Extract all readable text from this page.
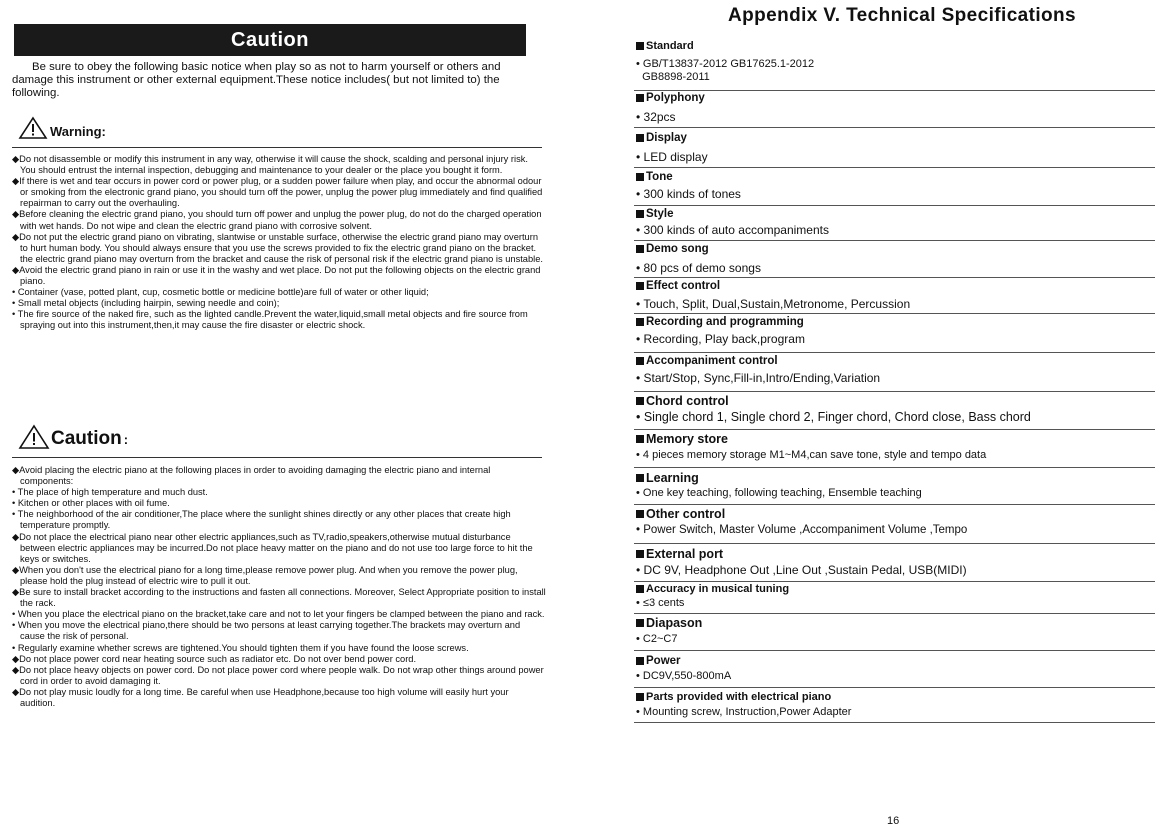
Caution

Be sure to obey the following basic notice when play so as not to harm yourself or others and damage this instrument or other external equipment.These notice includes( but not limited to) the following.

Warning:
◆Do not disassemble or modify this instrument in any way, otherwise it will cause the shock, scalding and personal injury risk. You should entrust the internal inspection, debugging and maintenance to your dealer or the place you bought it form.
◆If there is wet and tear occurs in power cord or power plug, or a sudden power failure when play, and occur the abnormal odour or smoking from the electronic grand piano, you should turn off the power, unplug the power plug immediately and find qualified repairman to carry out the overhauling.
◆Before cleaning the electric grand piano, you should turn off power and unplug the power plug, do not do the charged operation with wet hands. Do not wipe and clean the electric grand piano with corrosive solvent.
◆Do not put the electric grand piano on vibrating, slantwise or unstable surface, otherwise the electric grand piano may overturn to hurt human body. You should always ensure that you use the screws provided to fix the electric grand piano on the bracket. the electric grand piano may overturn from the bracket and cause the risk of personal risk if the electric grand piano is unstable.
◆Avoid the electric grand piano in rain or use it in the washy and wet place. Do not put the following objects on the electric grand piano.
• Container (vase, potted plant, cup, cosmetic bottle or medicine bottle)are full of water or other liquid;
• Small metal objects (including hairpin, sewing needle and coin);
• The fire source of the naked fire, such as the lighted candle.Prevent the water,liquid,small metal objects and fire source from spraying out into this instrument,then,it may cause the fire disaster or electric shock.
Caution :
◆Avoid placing the electric piano at the following places in order to avoiding damaging the electric piano and internal components:
• The place of high temperature and much dust.
• Kitchen or other places with oil fume.
• The neighborhood of the air conditioner,The place where the sunlight shines directly or any other places that create high temperature promptly.
◆Do not place the electrical piano near other electric appliances,such as TV,radio,speakers,otherwise mutual disturbance between electric appliances may be incurred.Do not place heavy matter on the piano and do not use too large force to hit the keys or switches.
◆When you don't use the electrical piano for a long time,please remove power plug. And when you remove the power plug, please hold the plug instead of electric wire to pull it out.
◆Be sure to install bracket according to the instructions and fasten all connections. Moreover, Select Appropriate position to install the rack.
• When you place the electrical piano on the bracket,take care and not to let your fingers be clamped between the piano and rack.
• When you move the electrical piano,there should be two persons at least carrying together.The brackets may overturn and cause the risk of personal.
• Regularly examine whether screws are tightened.You should tighten them if you have found the loose screws.
◆Do not place power cord near heating source such as radiator etc. Do not over bend power cord.
◆Do not place heavy objects on power cord. Do not place power cord where people walk. Do not wrap other things around power cord in order to avoid damaging it.
◆Do not play music loudly for a long time. Be careful when use Headphone,because too high volume will easily hurt your audition.
Appendix V. Technical Specifications
Standard
• GB/T13837-2012 GB17625.1-2012
GB8898-2011
Polyphony
• 32pcs
Display
• LED display
Tone
• 300 kinds of tones
Style
• 300 kinds of auto accompaniments
Demo song
• 80 pcs of demo songs
Effect control
• Touch, Split, Dual,Sustain,Metronome, Percussion
Recording and programming
• Recording, Play back,program
Accompaniment control
• Start/Stop, Sync,Fill-in,Intro/Ending,Variation
Chord control
• Single chord 1, Single chord 2, Finger chord, Chord close, Bass chord
Memory store
• 4 pieces memory storage M1~M4,can save tone, style and tempo data
Learning
• One key teaching, following teaching, Ensemble teaching
Other control
• Power Switch, Master Volume ,Accompaniment Volume ,Tempo
External port
• DC 9V, Headphone Out ,Line Out ,Sustain Pedal, USB(MIDI)
Accuracy in musical tuning
• ≤3 cents
Diapason
• C2~C7
Power
• DC9V,550-800mA
Parts provided with electrical piano
• Mounting screw, Instruction,Power Adapter
16
